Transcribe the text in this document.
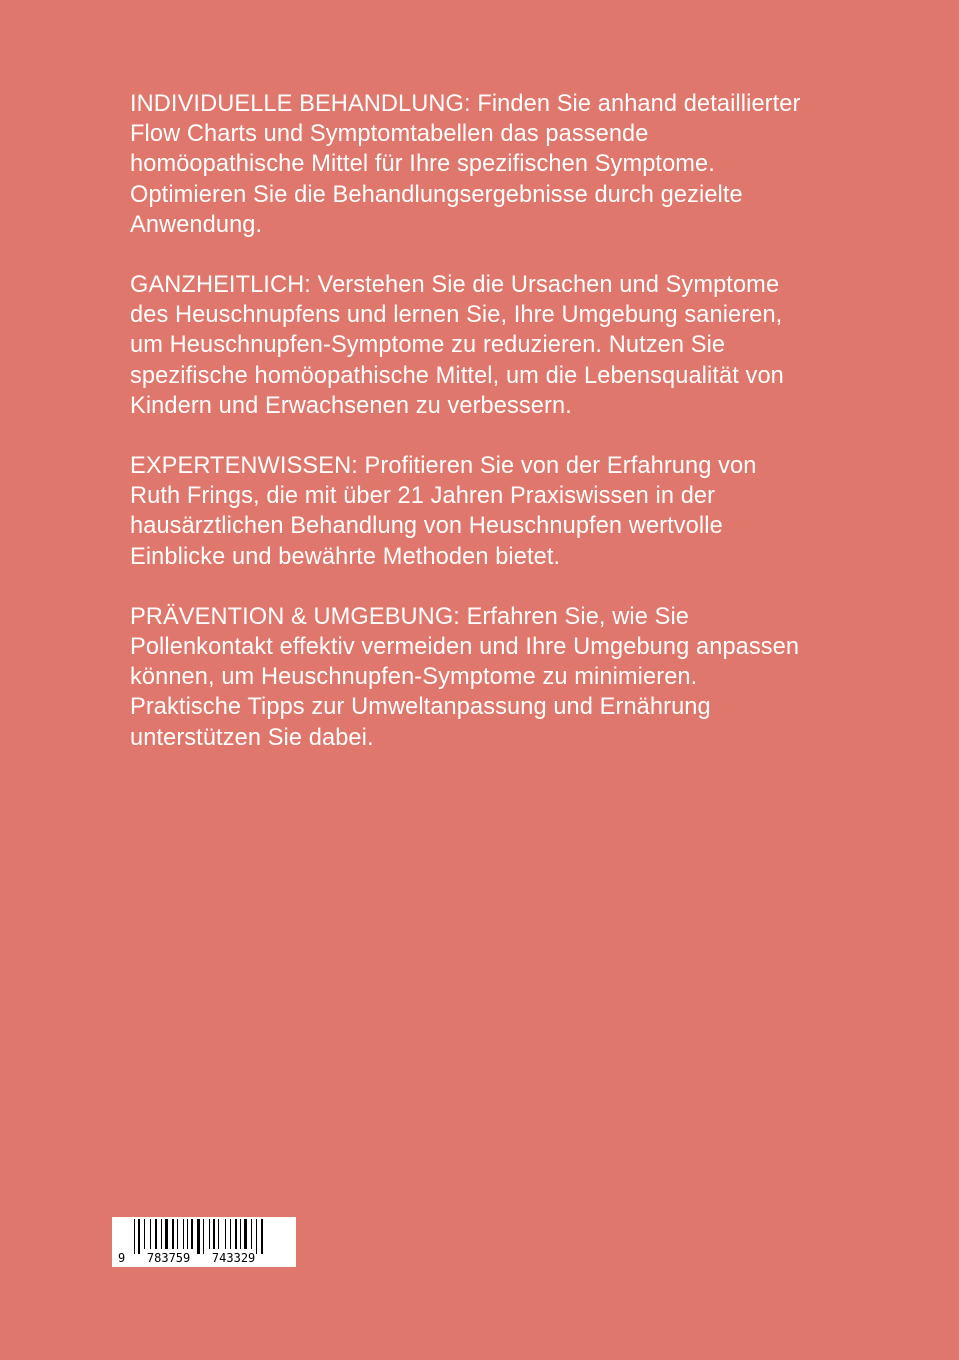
INDIVIDUELLE BEHANDLUNG: Finden Sie anhand detaillierter Flow Charts und Symptomtabellen das passende homöopathische Mittel für Ihre spezifischen Symptome. Optimieren Sie die Behandlungsergebnisse durch gezielte Anwendung.

GANZHEITLICH: Verstehen Sie die Ursachen und Symptome des Heuschnupfens und lernen Sie, Ihre Umgebung sanieren, um Heuschnupfen-Symptome zu reduzieren. Nutzen Sie spezifische homöopathische Mittel, um die Lebensqualität von Kindern und Erwachsenen zu verbessern.

EXPERTENWISSEN: Profitieren Sie von der Erfahrung von Ruth Frings, die mit über 21 Jahren Praxiswissen in der hausärztlichen Behandlung von Heuschnupfen wertvolle Einblicke und bewährte Methoden bietet.

PRÄVENTION & UMGEBUNG: Erfahren Sie, wie Sie Pollenkontakt effektiv vermeiden und Ihre Umgebung anpassen können, um Heuschnupfen-Symptome zu minimieren. Praktische Tipps zur Umweltanpassung und Ernährung unterstützen Sie dabei.

9   783759   743329
